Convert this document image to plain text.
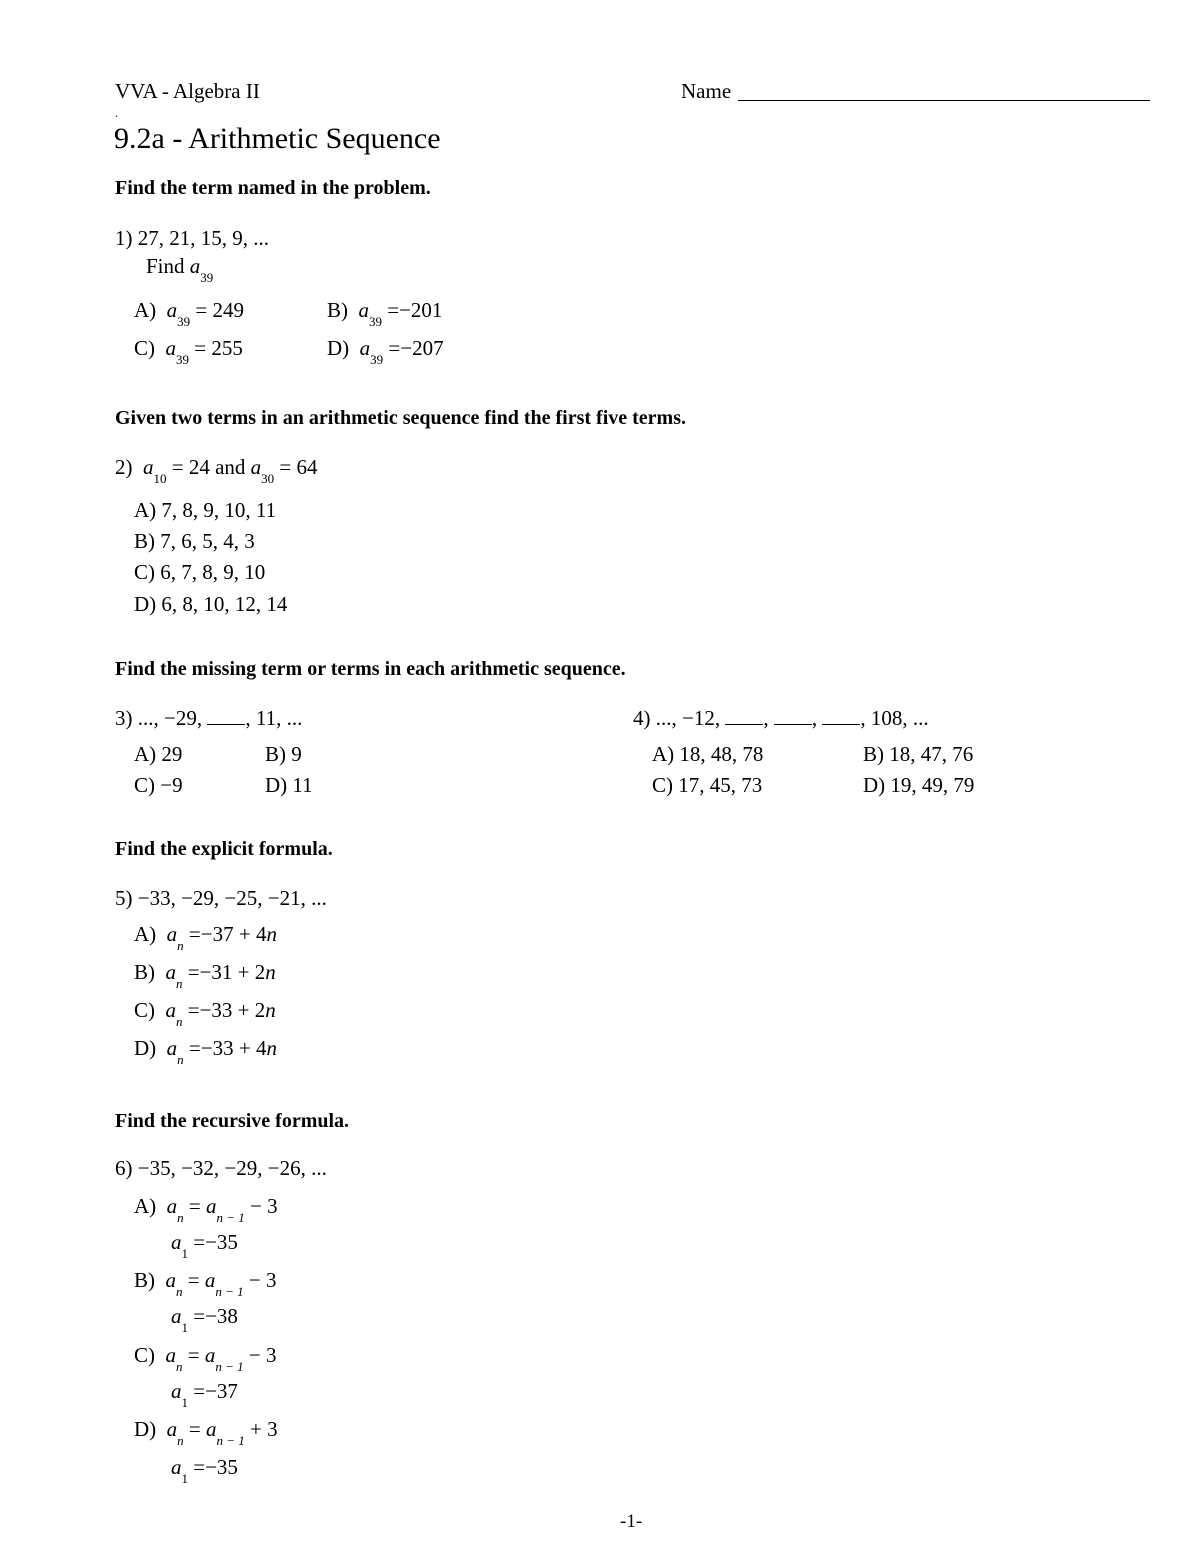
VVA - Algebra II	Name
.
9.2a - Arithmetic Sequence
Find the term named in the problem.
1) 27, 21, 15, 9, ...
Find $a_{39}$
A) $a_{39} = 249$	B) $a_{39} =-201$
C) $a_{39} = 255$	D) $a_{39} =-207$
Given two terms in an arithmetic sequence find the first five terms.
2) $a_{10} = 24$ and $a_{30} = 64$
A) 7, 8, 9, 10, 11
B) 7, 6, 5, 4, 3
C) 6, 7, 8, 9, 10
D) 6, 8, 10, 12, 14
Find the missing term or terms in each arithmetic sequence.
3) ..., −29, , 11, ...
A) 29	B) 9
C) −9	D) 11
4) ..., −12, , , , 108, ...
A) 18, 48, 78	B) 18, 47, 76
C) 17, 45, 73	D) 19, 49, 79
Find the explicit formula.
5) −33, −29, −25, −21, ...
A) $a_n =-37 + 4n$
B) $a_n =-31 + 2n$
C) $a_n =-33 + 2n$
D) $a_n =-33 + 4n$
Find the recursive formula.
6) −35, −32, −29, −26, ...
A) $a_n = a_{n - 1} - 3$
$a_1 =-35$
B) $a_n = a_{n - 1} - 3$
$a_1 =-38$
C) $a_n = a_{n - 1} - 3$
$a_1 =-37$
D) $a_n = a_{n - 1} + 3$
$a_1 =-35$
-1-
